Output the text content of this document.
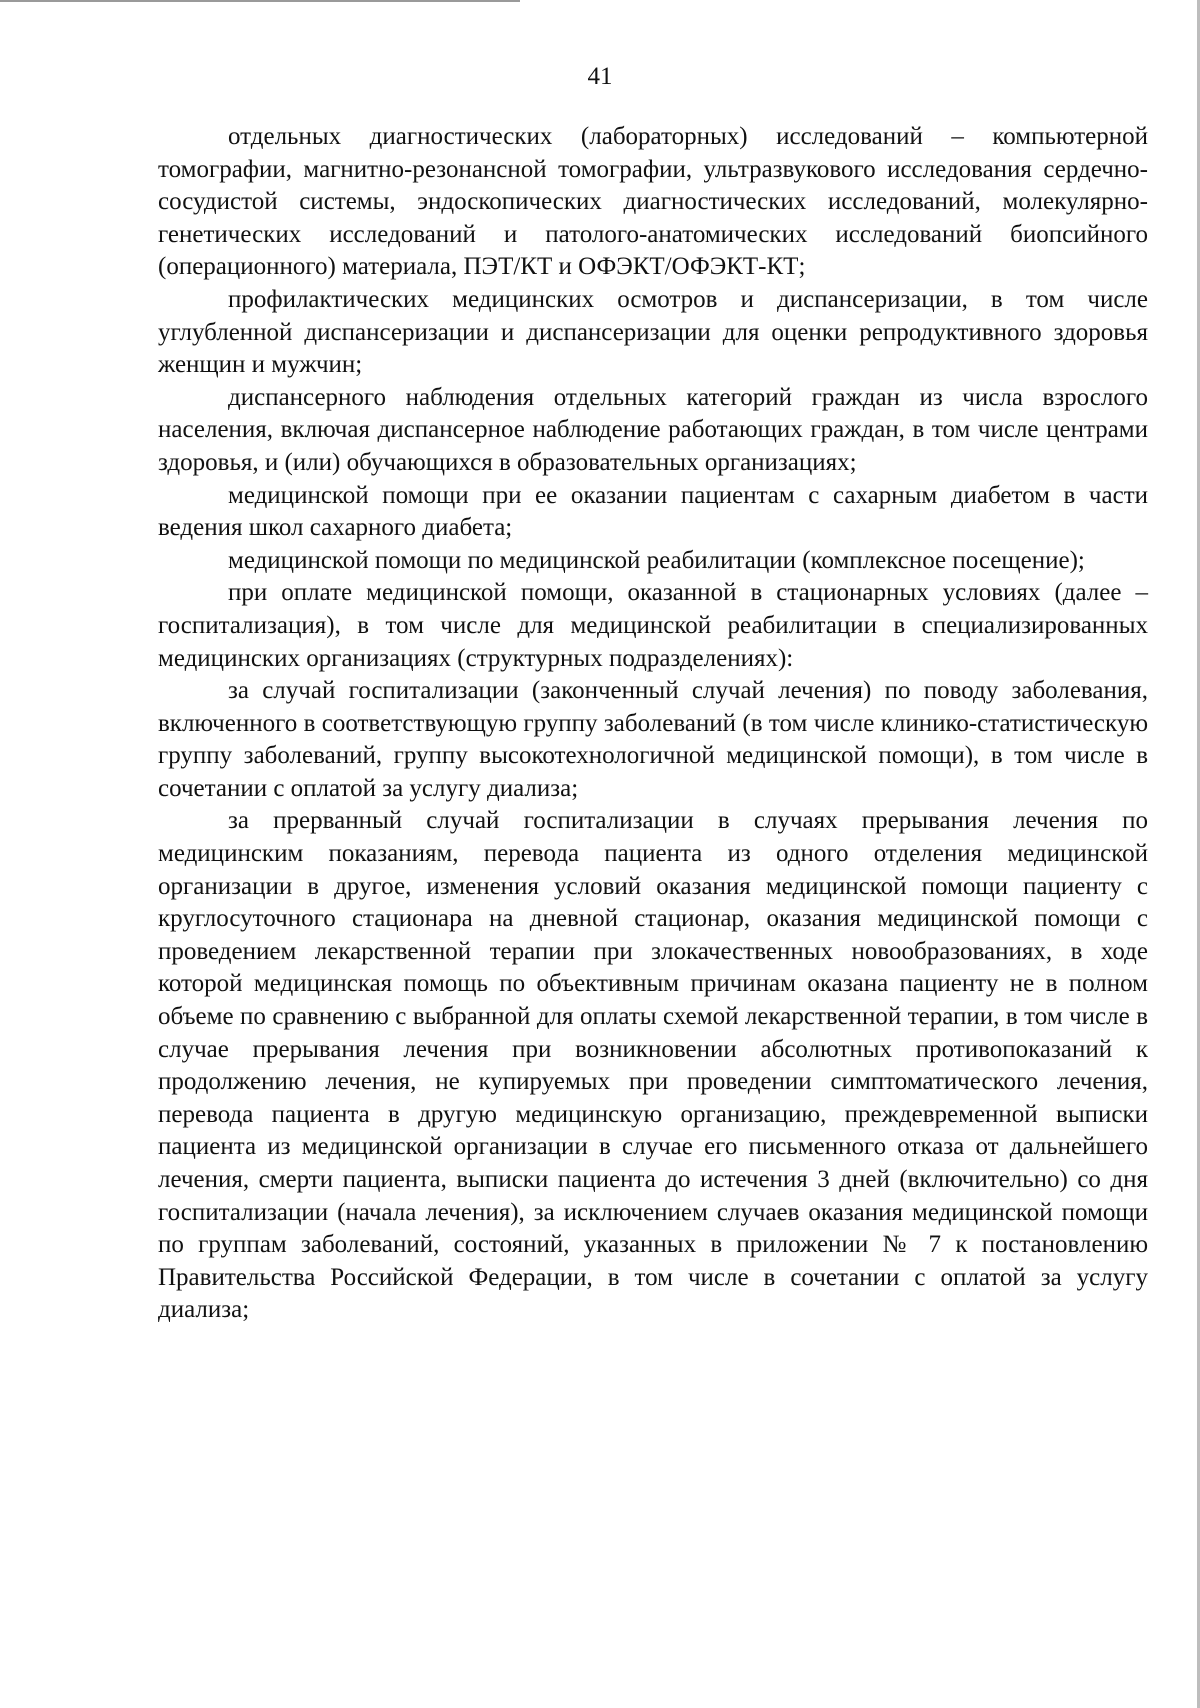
41

отдельных диагностических (лабораторных) исследований – компьютерной томографии, магнитно-резонансной томографии, ультразвукового исследования сердечно-сосудистой системы, эндоскопических диагностических исследований, молекулярно-генетических исследований и патолого-анатомических исследований биопсийного (операционного) материала, ПЭТ/КТ и ОФЭКТ/ОФЭКТ-КТ;

профилактических медицинских осмотров и диспансеризации, в том числе углубленной диспансеризации и диспансеризации для оценки репродуктивного здоровья женщин и мужчин;

диспансерного наблюдения отдельных категорий граждан из числа взрослого населения, включая диспансерное наблюдение работающих граждан, в том числе центрами здоровья, и (или) обучающихся в образовательных организациях;

медицинской помощи при ее оказании пациентам с сахарным диабетом в части ведения школ сахарного диабета;

медицинской помощи по медицинской реабилитации (комплексное посещение);

при оплате медицинской помощи, оказанной в стационарных условиях (далее – госпитализация), в том числе для медицинской реабилитации в специализированных медицинских организациях (структурных подразделениях):

за случай госпитализации (законченный случай лечения) по поводу заболевания, включенного в соответствующую группу заболеваний (в том числе клинико-статистическую группу заболеваний, группу высокотехнологичной медицинской помощи), в том числе в сочетании с оплатой за услугу диализа;

за прерванный случай госпитализации в случаях прерывания лечения по медицинским показаниям, перевода пациента из одного отделения медицинской организации в другое, изменения условий оказания медицинской помощи пациенту с круглосуточного стационара на дневной стационар, оказания медицинской помощи с проведением лекарственной терапии при злокачественных новообразованиях, в ходе которой медицинская помощь по объективным причинам оказана пациенту не в полном объеме по сравнению с выбранной для оплаты схемой лекарственной терапии, в том числе в случае прерывания лечения при возникновении абсолютных противопоказаний к продолжению лечения, не купируемых при проведении симптоматического лечения, перевода пациента в другую медицинскую организацию, преждевременной выписки пациента из медицинской организации в случае его письменного отказа от дальнейшего лечения, смерти пациента, выписки пациента до истечения 3 дней (включительно) со дня госпитализации (начала лечения), за исключением случаев оказания медицинской помощи по группам заболеваний, состояний, указанных в приложении № 7 к постановлению Правительства Российской Федерации, в том числе в сочетании с оплатой за услугу диализа;
